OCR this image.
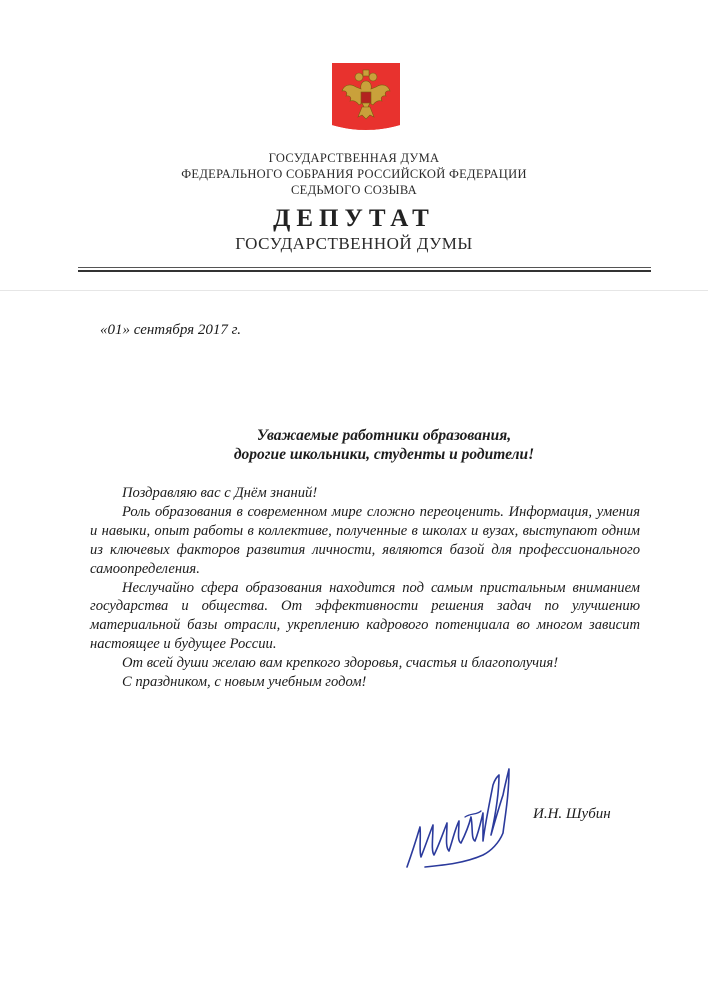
ГОСУДАРСТВЕННАЯ ДУМА
ФЕДЕРАЛЬНОГО СОБРАНИЯ РОССИЙСКОЙ ФЕДЕРАЦИИ
СЕДЬМОГО СОЗЫВА
ДЕПУТАТ
ГОСУДАРСТВЕННОЙ ДУМЫ
«01» сентября 2017 г.
Уважаемые работники образования,
дорогие школьники, студенты и родители!
Поздравляю вас с Днём знаний!
Роль образования в современном мире сложно переоценить. Информация, умения и навыки, опыт работы в коллективе, полученные в школах и вузах, выступают одним из ключевых факторов развития личности, являются базой для профессионального самоопределения.
Неслучайно сфера образования находится под самым пристальным вниманием государства и общества. От эффективности решения задач по улучшению материальной базы отрасли, укреплению кадрового потенциала во многом зависит настоящее и будущее России.
От всей души желаю вам крепкого здоровья, счастья и благополучия!
С праздником, с новым учебным годом!
И.Н. Шубин
